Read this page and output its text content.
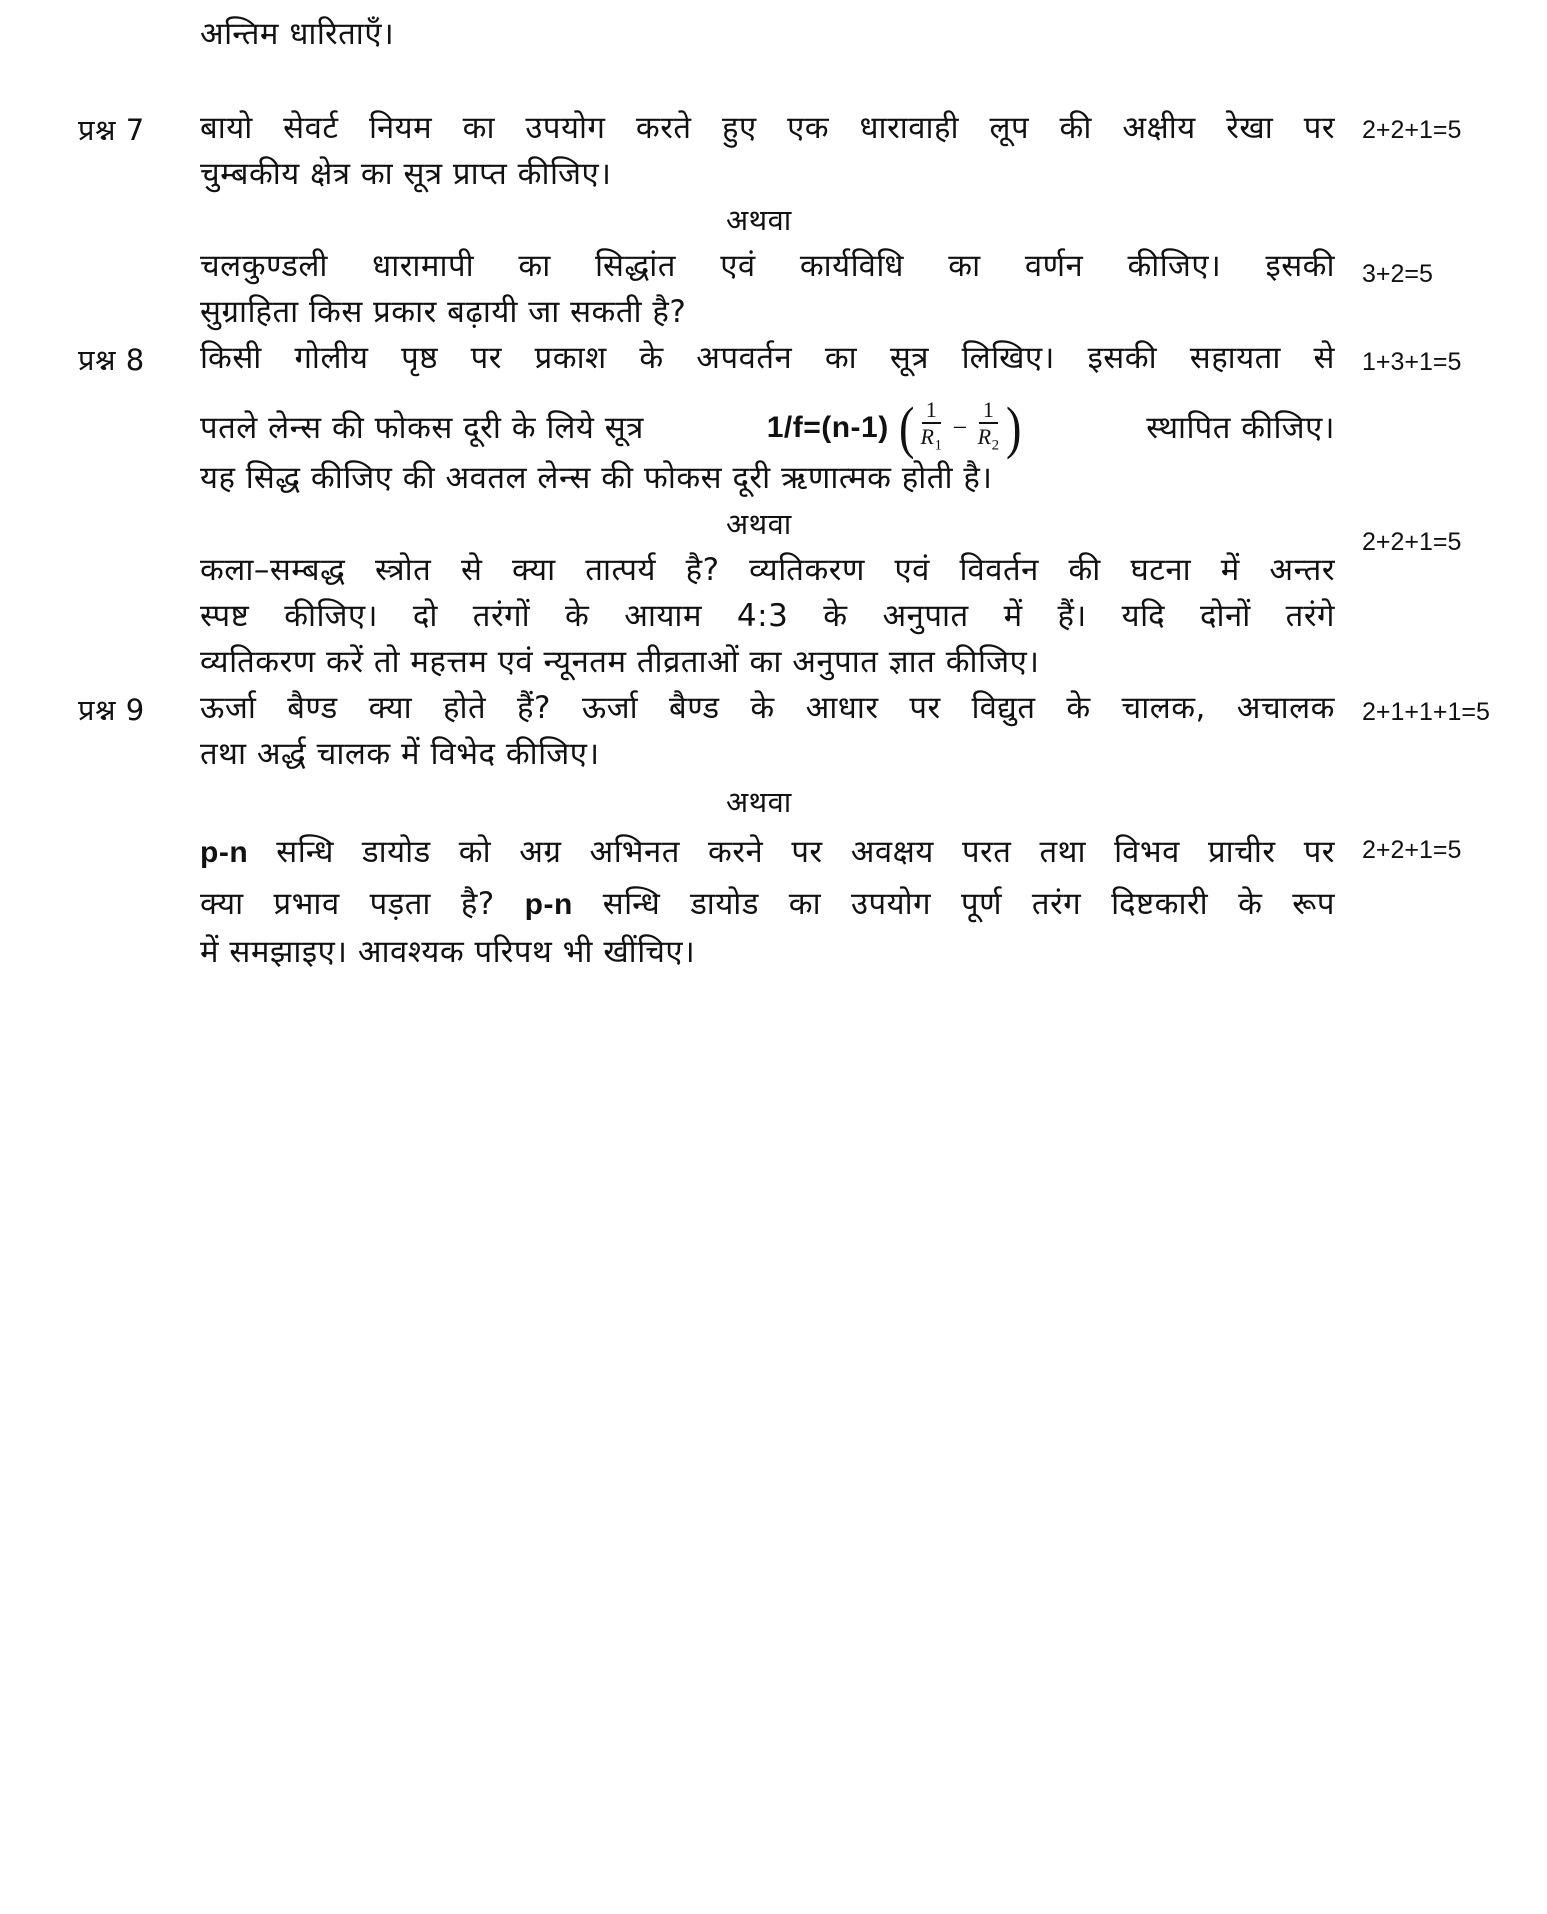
अन्तिम धारिताएँ।
प्रश्न 7 बायो सेवर्ट नियम का उपयोग करते हुए एक धारावाही लूप की अक्षीय रेखा पर 2+2+1=5
चुम्बकीय क्षेत्र का सूत्र प्राप्त कीजिए।
अथवा
चलकुण्डली धारामापी का सिद्धांत एवं कार्यविधि का वर्णन कीजिए। इसकी 3+2=5
सुग्राहिता किस प्रकार बढ़ायी जा सकती है?
प्रश्न 8 किसी गोलीय पृष्ठ पर प्रकाश के अपवर्तन का सूत्र लिखिए। इसकी सहायता से 1+3+1=5
पतले लेन्स की फोकस दूरी के लिये सूत्र	1/f=(n-1) ( $\frac{1}{R_1} - \frac{1}{R_2}$ )	स्थापित कीजिए।
यह सिद्ध कीजिए की अवतल लेन्स की फोकस दूरी ऋणात्मक होती है।
अथवा
2+2+1=5
कला–सम्बद्ध स्त्रोत से क्या तात्पर्य है? व्यतिकरण एवं विवर्तन की घटना में अन्तर
स्पष्ट कीजिए। दो तरंगों के आयाम 4:3 के अनुपात में हैं। यदि दोनों तरंगे
व्यतिकरण करें तो महत्तम एवं न्यूनतम तीव्रताओं का अनुपात ज्ञात कीजिए।
प्रश्न 9 ऊर्जा बैण्ड क्या होते हैं? ऊर्जा बैण्ड के आधार पर विद्युत के चालक, अचालक 2+1+1+1=5
तथा अर्द्ध चालक में विभेद कीजिए।
अथवा
p-n सन्धि डायोड को अग्र अभिनत करने पर अवक्षय परत तथा विभव प्राचीर पर 2+2+1=5
क्या प्रभाव पड़ता है? p-n सन्धि डायोड का उपयोग पूर्ण तरंग दिष्टकारी के रूप
में समझाइए। आवश्यक परिपथ भी खींचिए।
